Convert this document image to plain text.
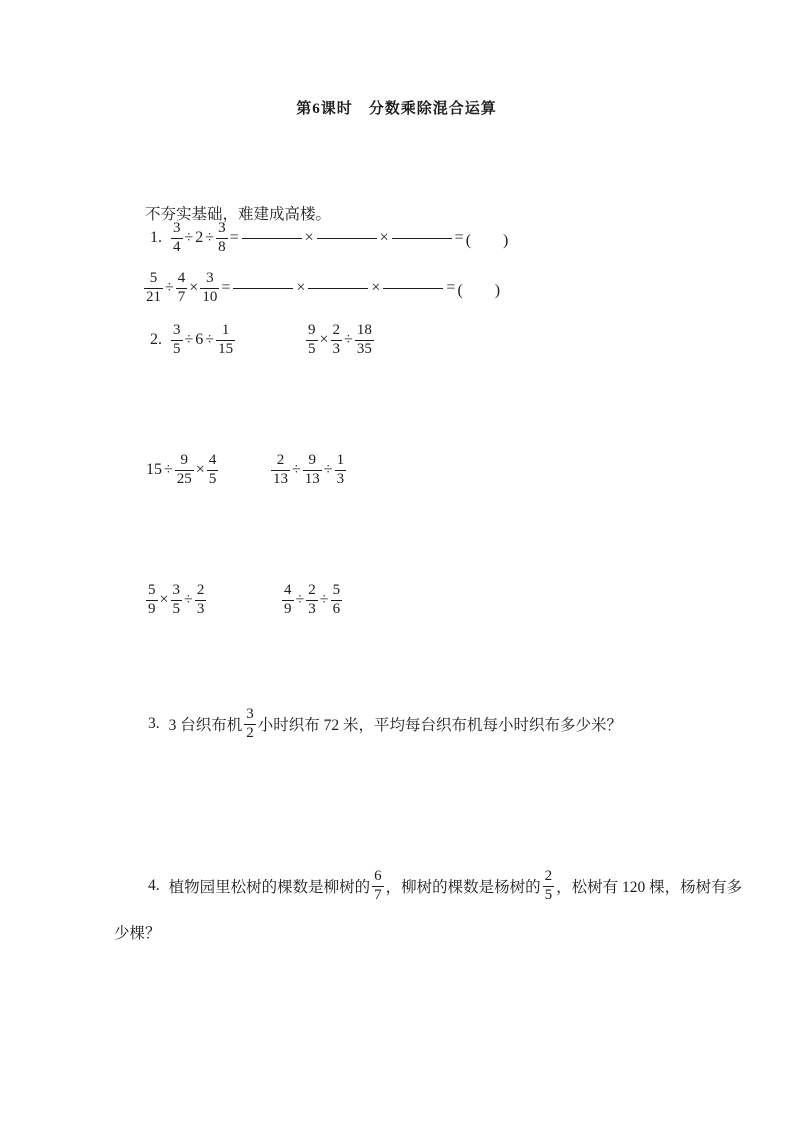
第6课时　分数乘除混合运算

不夯实基础，难建成高楼。

1. $\frac{3}{4} \div 2 \div \frac{3}{8}$ =	×	×	= (　　)
$\frac{5}{21} \div \frac{4}{7} \times \frac{3}{10}$ =	×	×	= (　　)
2. $\frac{3}{5} \div 6 \div \frac{1}{15}$	$\frac{9}{5} \times \frac{2}{3} \div \frac{18}{35}$
$15 \div \frac{9}{25} \times \frac{4}{5}$	$\frac{2}{13} \div \frac{9}{13} \div \frac{1}{3}$
$\frac{5}{9} \times \frac{3}{5} \div \frac{2}{3}$	$\frac{4}{9} \div \frac{2}{3} \div \frac{5}{6}$
3. 3 台织布机 $\frac{3}{2}$ 小时织布 72 米，平均每台织布机每小时织布多少米？
4. 植物园里松树的棵数是柳树的 $\frac{6}{7}$ ，柳树的棵数是杨树的 $\frac{2}{5}$ ，松树有 120 棵，杨树有多
少棵？
